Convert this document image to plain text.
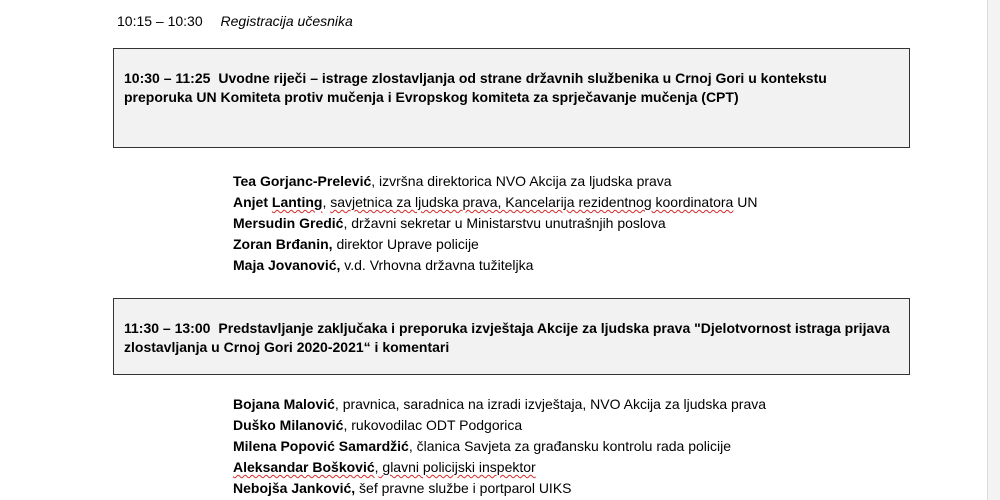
10:15 – 10:30 Registracija učesnika
10:30 – 11:25 Uvodne riječi – istrage zlostavljanja od strane državnih službenika u Crnoj Gori u kontekstu preporuka UN Komiteta protiv mučenja i Evropskog komiteta za sprječavanje mučenja (CPT)
Tea Gorjanc-Prelević, izvršna direktorica NVO Akcija za ljudska prava
Anjet Lanting, savjetnica za ljudska prava, Kancelarija rezidentnog koordinatora UN
Mersudin Gredić, državni sekretar u Ministarstvu unutrašnjih poslova
Zoran Brđanin, direktor Uprave policije
Maja Jovanović, v.d. Vrhovna državna tužiteljka
11:30 – 13:00 Predstavljanje zaključaka i preporuka izvještaja Akcije za ljudska prava "Djelotvornost istraga prijava zlostavljanja u Crnoj Gori 2020-2021“ i komentari
Bojana Malović, pravnica, saradnica na izradi izvještaja, NVO Akcija za ljudska prava
Duško Milanović, rukovodilac ODT Podgorica
Milena Popović Samardžić, članica Savjeta za građansku kontrolu rada policije
Aleksandar Bošković, glavni policijski inspektor
Nebojša Janković, šef pravne službe i portparol UIKS
